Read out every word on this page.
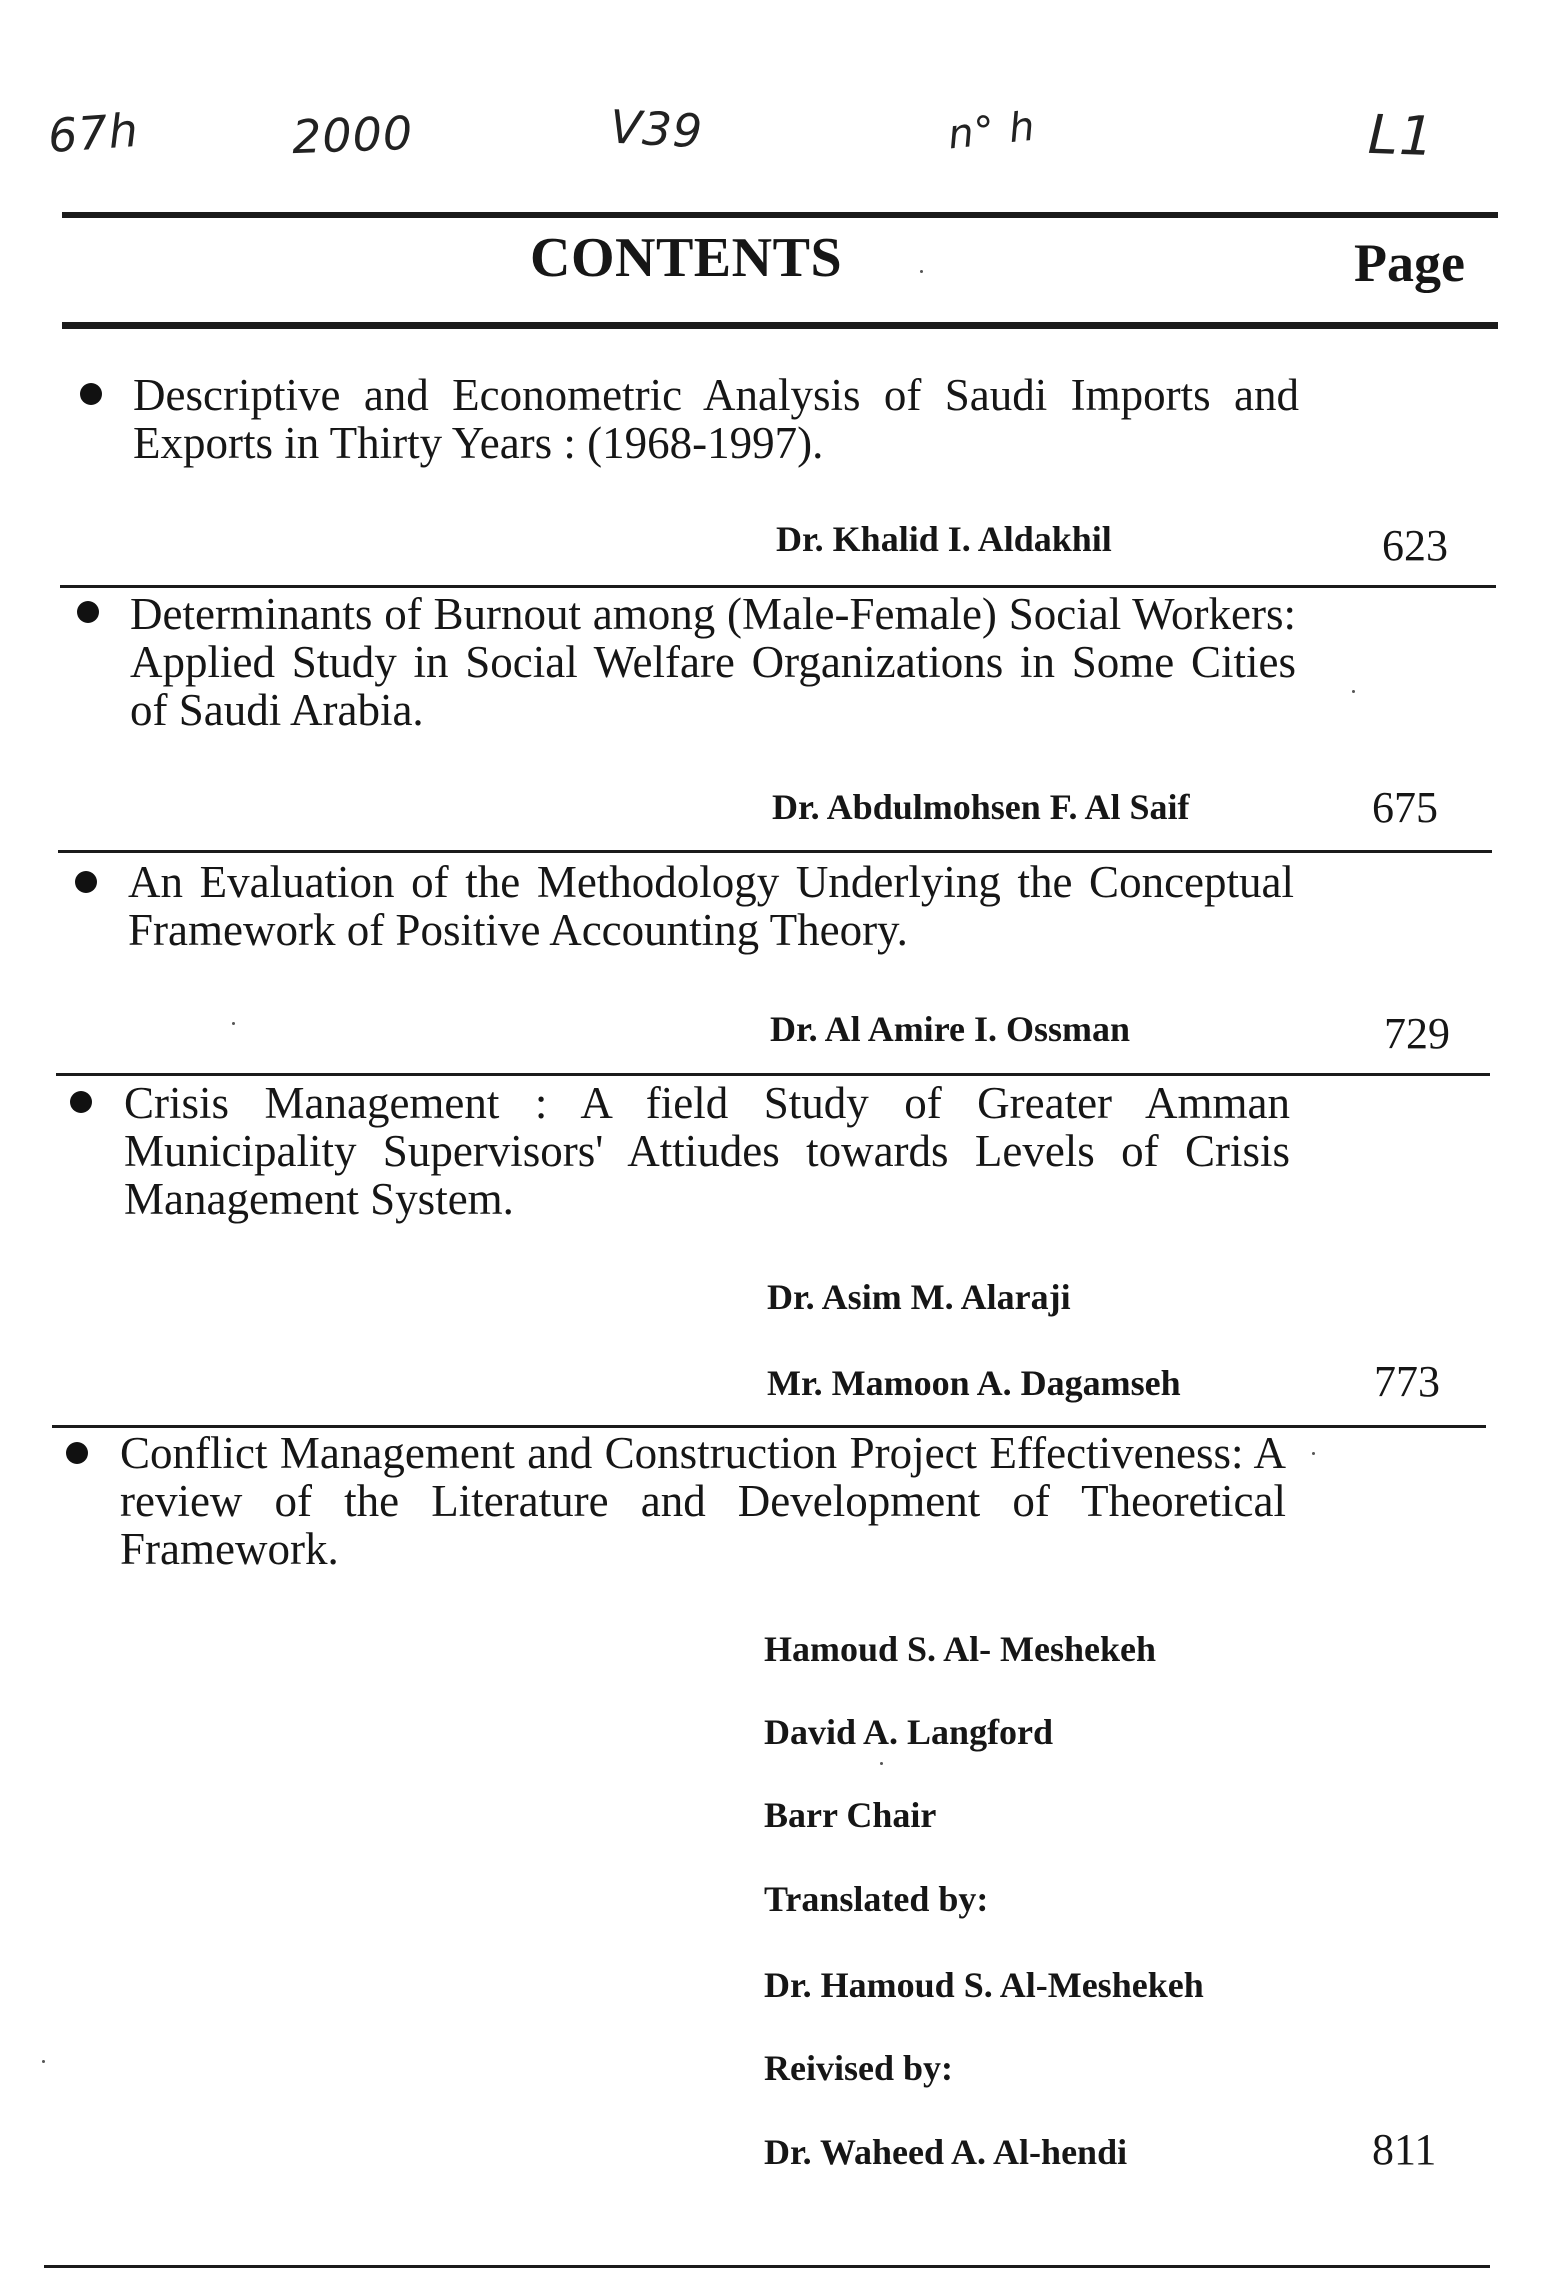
67h	2000	V39	n° h	L1
CONTENTS	Page

Descriptive and Econometric Analysis of Saudi Imports and Exports in Thirty Years : (1968-1997).

Dr. Khalid I. Aldakhil	623

Determinants of Burnout among (Male-Female) Social Workers: Applied Study in Social Welfare Organizations in Some Cities of Saudi Arabia.

Dr. Abdulmohsen F. Al Saif	675

An Evaluation of the Methodology Underlying the Conceptual Framework of Positive Accounting Theory.

Dr. Al Amire I. Ossman	729

Crisis Management : A field Study of Greater Amman Municipality Supervisors' Attiudes towards Levels of Crisis Management System.

Dr. Asim M. Alaraji
Mr. Mamoon A. Dagamseh	773

Conflict Management and Construction Project Effectiveness: A review of the Literature and Development of Theoretical Framework.

Hamoud S. Al- Meshekeh
David A. Langford
Barr Chair
Translated by:
Dr. Hamoud S. Al-Meshekeh
Reivised by:
Dr. Waheed A. Al-hendi	811
